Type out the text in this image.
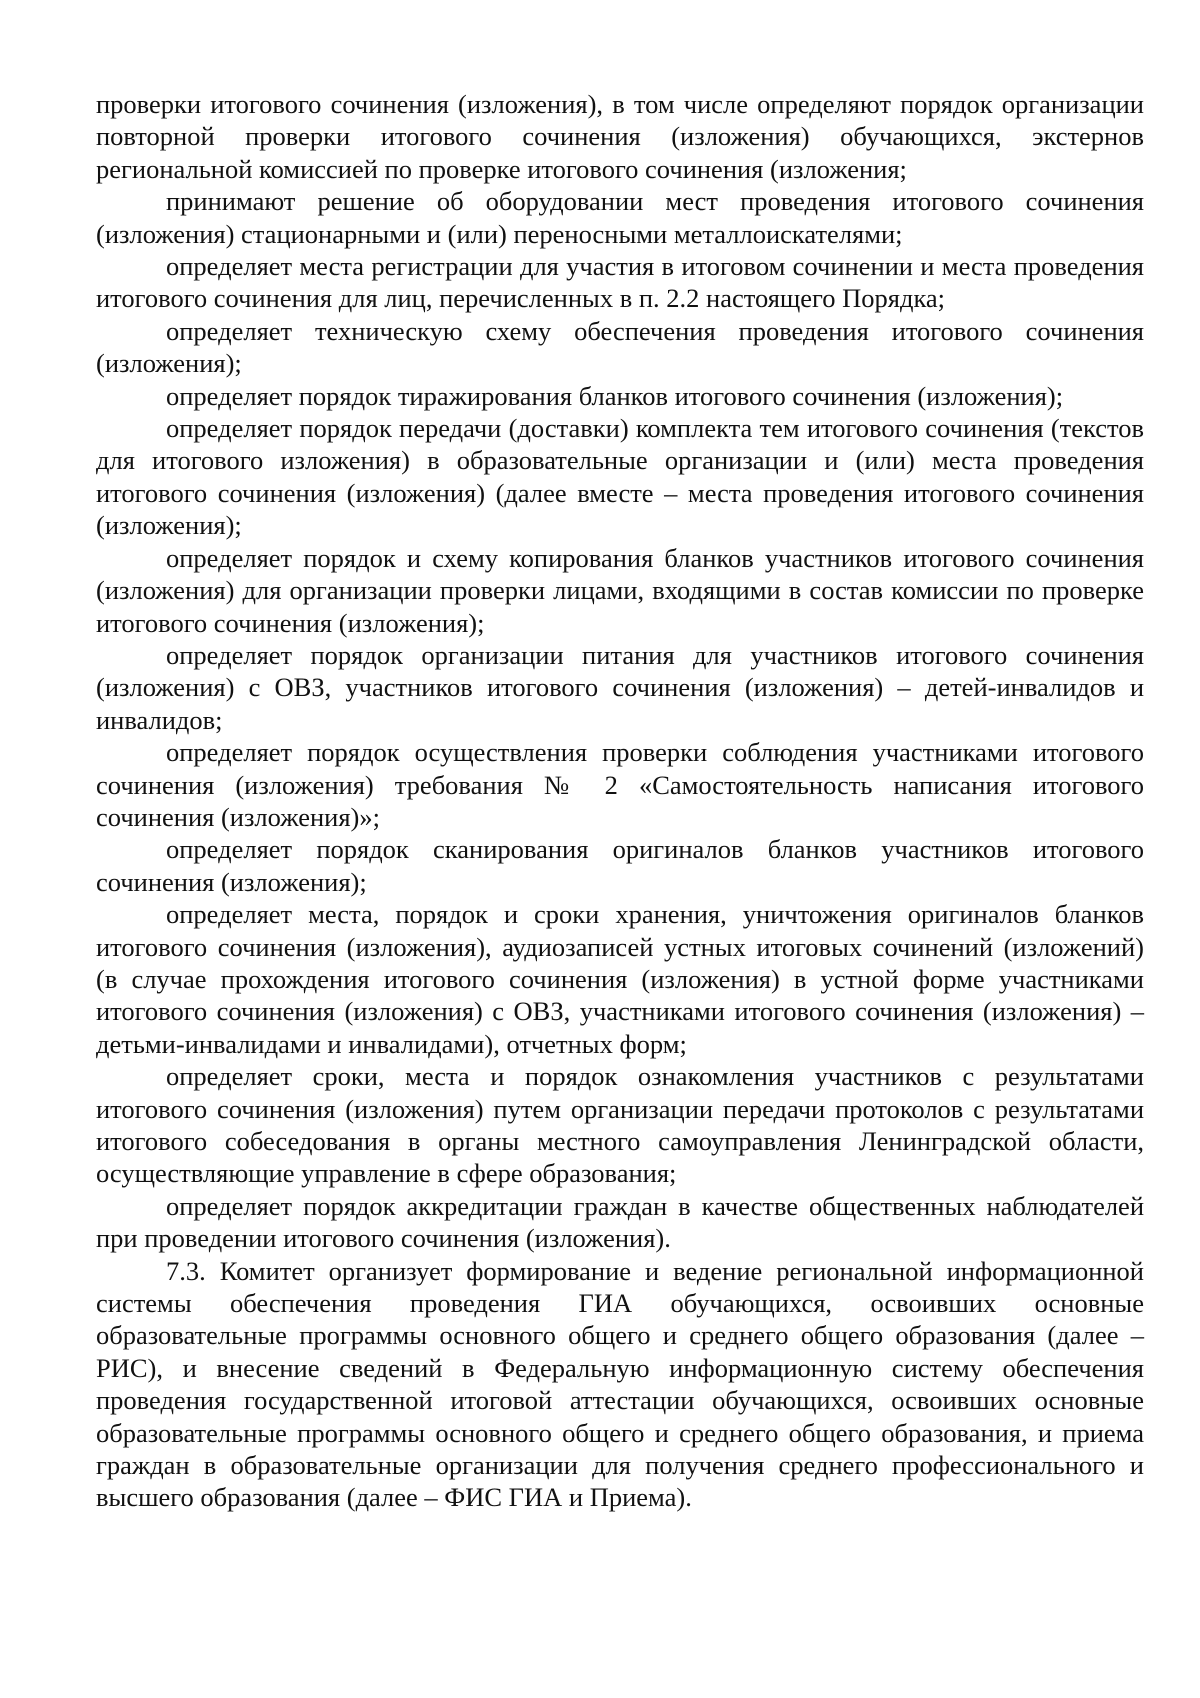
проверки итогового сочинения (изложения), в том числе определяют порядок организации повторной проверки итогового сочинения (изложения) обучающихся, экстернов региональной комиссией по проверке итогового сочинения (изложения;

принимают решение об оборудовании мест проведения итогового сочинения (изложения) стационарными и (или) переносными металлоискателями;

определяет места регистрации для участия в итоговом сочинении и места проведения итогового сочинения для лиц, перечисленных в п. 2.2 настоящего Порядка;

определяет техническую схему обеспечения проведения итогового сочинения (изложения);

определяет порядок тиражирования бланков итогового сочинения (изложения);

определяет порядок передачи (доставки) комплекта тем итогового сочинения (текстов для итогового изложения) в образовательные организации и (или) места проведения итогового сочинения (изложения) (далее вместе – места проведения итогового сочинения (изложения);

определяет порядок и схему копирования бланков участников итогового сочинения (изложения) для организации проверки лицами, входящими в состав комиссии по проверке итогового сочинения (изложения);

определяет порядок организации питания для участников итогового сочинения (изложения) с ОВЗ, участников итогового сочинения (изложения) – детей-инвалидов и инвалидов;

определяет порядок осуществления проверки соблюдения участниками итогового сочинения (изложения) требования № 2 «Самостоятельность написания итогового сочинения (изложения)»;

определяет порядок сканирования оригиналов бланков участников итогового сочинения (изложения);

определяет места, порядок и сроки хранения, уничтожения оригиналов бланков итогового сочинения (изложения), аудиозаписей устных итоговых сочинений (изложений) (в случае прохождения итогового сочинения (изложения) в устной форме участниками итогового сочинения (изложения) с ОВЗ, участниками итогового сочинения (изложения) – детьми-инвалидами и инвалидами), отчетных форм;

определяет сроки, места и порядок ознакомления участников с результатами итогового сочинения (изложения) путем организации передачи протоколов с результатами итогового собеседования в органы местного самоуправления Ленинградской области, осуществляющие управление в сфере образования;

определяет порядок аккредитации граждан в качестве общественных наблюдателей при проведении итогового сочинения (изложения).

7.3. Комитет организует формирование и ведение региональной информационной системы обеспечения проведения ГИА обучающихся, освоивших основные образовательные программы основного общего и среднего общего образования (далее – РИС), и внесение сведений в Федеральную информационную систему обеспечения проведения государственной итоговой аттестации обучающихся, освоивших основные образовательные программы основного общего и среднего общего образования, и приема граждан в образовательные организации для получения среднего профессионального и высшего образования (далее – ФИС ГИА и Приема).
